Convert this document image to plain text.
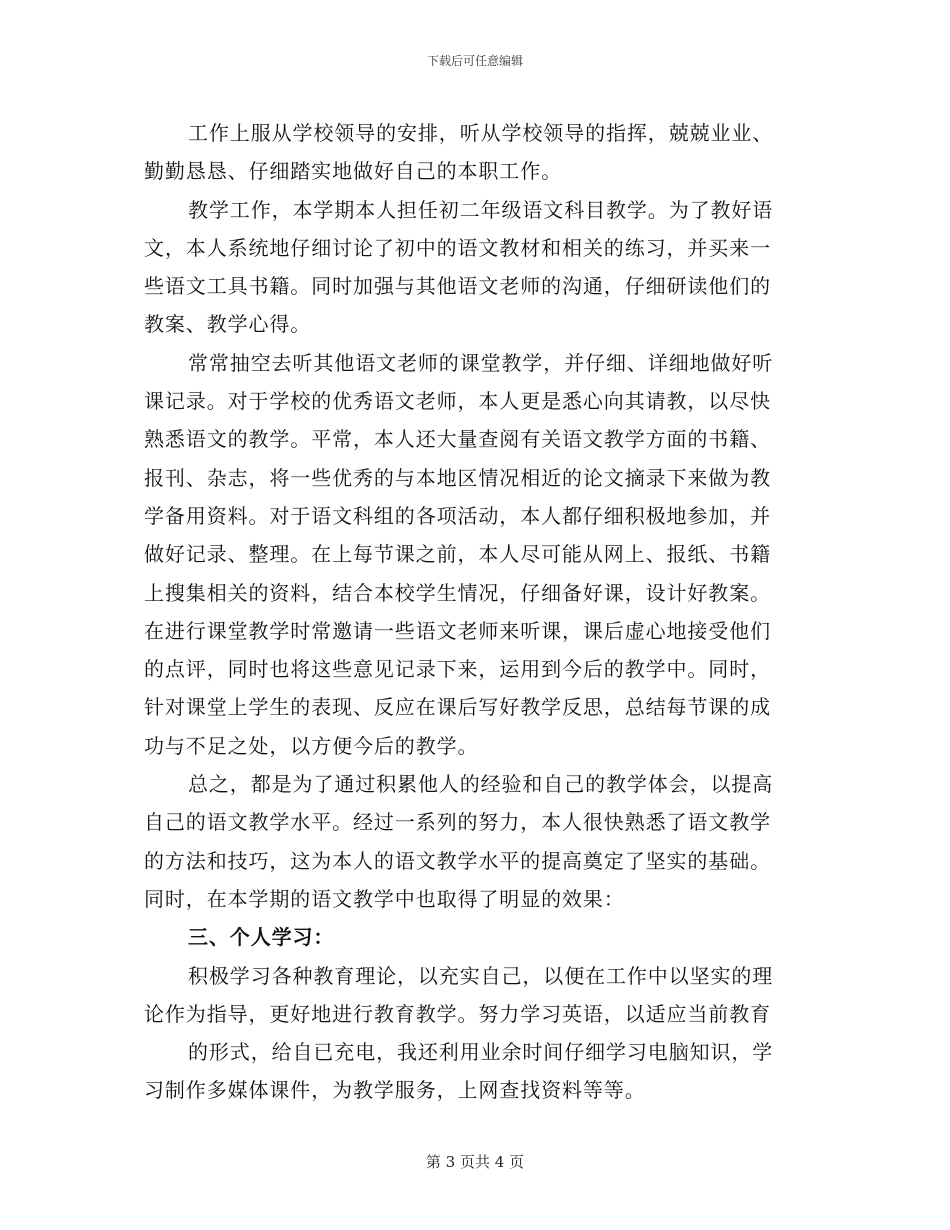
下载后可任意编辑
工作上服从学校领导的安排，听从学校领导的指挥，兢兢业业、
勤勤恳恳、仔细踏实地做好自己的本职工作。
教学工作，本学期本人担任初二年级语文科目教学。为了教好语
文，本人系统地仔细讨论了初中的语文教材和相关的练习，并买来一
些语文工具书籍。同时加强与其他语文老师的沟通，仔细研读他们的
教案、教学心得。
常常抽空去听其他语文老师的课堂教学，并仔细、详细地做好听
课记录。对于学校的优秀语文老师，本人更是悉心向其请教，以尽快
熟悉语文的教学。平常，本人还大量查阅有关语文教学方面的书籍、
报刊、杂志，将一些优秀的与本地区情况相近的论文摘录下来做为教
学备用资料。对于语文科组的各项活动，本人都仔细积极地参加，并
做好记录、整理。在上每节课之前，本人尽可能从网上、报纸、书籍
上搜集相关的资料，结合本校学生情况，仔细备好课，设计好教案。
在进行课堂教学时常邀请一些语文老师来听课，课后虚心地接受他们
的点评，同时也将这些意见记录下来，运用到今后的教学中。同时，
针对课堂上学生的表现、反应在课后写好教学反思，总结每节课的成
功与不足之处，以方便今后的教学。
总之，都是为了通过积累他人的经验和自己的教学体会，以提高
自己的语文教学水平。经过一系列的努力，本人很快熟悉了语文教学
的方法和技巧，这为本人的语文教学水平的提高奠定了坚实的基础。
同时，在本学期的语文教学中也取得了明显的效果：
三、个人学习：
积极学习各种教育理论，以充实自己，以便在工作中以坚实的理
论作为指导，更好地进行教育教学。努力学习英语，以适应当前教育
的形式，给自已充电，我还利用业余时间仔细学习电脑知识，学
习制作多媒体课件，为教学服务，上网查找资料等等。
第 3 页共 4 页
